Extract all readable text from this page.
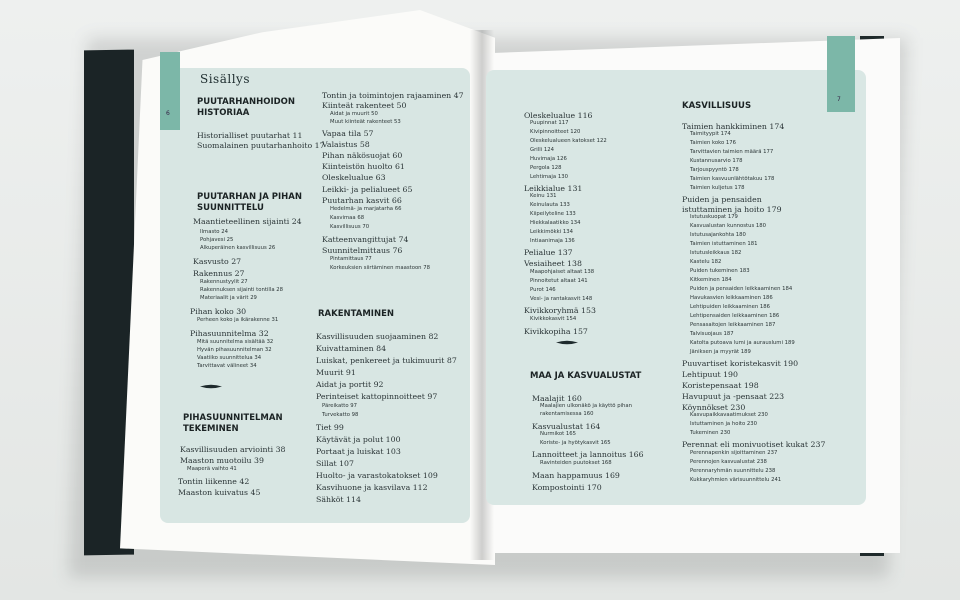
6
7
Sisällys
PUUTARHANHOIDON
HISTORIAA
Historialliset puutarhat 11
Suomalainen puutarhanhoito 17
PUUTARHAN JA PIHAN
SUUNNITTELU
Maantieteellinen sijainti 24
Ilmasto 24
Pohjavesi 25
Alkuperäinen kasvillisuus 26
Kasvusto 27
Rakennus 27
Rakennustyylit 27
Rakennuksen sijainti tontilla 28
Materiaalit ja värit 29
Pihan koko 30
Perheen koko ja ikärakenne 31
Pihasuunnitelma 32
Mitä suunnitelma sisältää 32
Hyvän pihasuunnitelman 32
Vaatiiko suunnittelua 34
Tarvittavat välineet 34
PIHASUUNNITELMAN
TEKEMINEN
Kasvillisuuden arviointi 38
Maaston muotoilu 39
Maaperä vaihto 41
Tontin liikenne 42
Maaston kuivatus 45
Tontin ja toimintojen rajaaminen 47
Kiinteät rakenteet 50
Aidat ja muurit 50
Muut kiinteät rakenteet 53
Vapaa tila 57
Valaistus 58
Pihan näkösuojat 60
Kiinteistön huolto 61
Oleskelualue 63
Leikki- ja pelialueet 65
Puutarhan kasvit 66
Hedelmä- ja marjatarha 66
Kasvimaa 68
Kasvillisuus 70
Katteenvangittujat 74
Suunnitelmittaus 76
Pintamittaus 77
Korkeuksien siirtäminen maastoon 78
RAKENTAMINEN
Kasvillisuuden suojaaminen 82
Kuivattaminen 84
Luiskat, penkereet ja tukimuurit 87
Muurit 91
Aidat ja portit 92
Perinteiset kattopinnoitteet 97
Päreikatto 97
Turvekatto 98
Tiet 99
Käytävät ja polut 100
Portaat ja luiskat 103
Sillat 107
Huolto- ja varastokatokset 109
Kasvihuone ja kasvilava 112
Sähköt 114
Oleskelualue 116
Puupinnat 117
Kivipinnoitteet 120
Oleskelualueen katokset 122
Grilli 124
Huvimaja 126
Pergola 128
Lehtimaja 130
Leikkialue 131
Keinu 131
Keinulauta 133
Kiipeilyteline 133
Hiekkalaatikko 134
Leikkimökki 134
Intiaanimaja 136
Pelialue 137
Vesiaiheet 138
Maapohjaiset altaat 138
Pinnoitetut altaat 141
Purot 146
Vesi- ja rantakasvit 148
Kivikkoryhmä 153
Kivikkokasvit 154
Kivikkopiha 157
MAA JA KASVUALUSTAT
Maalajit 160
Maalajien ulkonäkö ja käyttö pihan
rakentamisessa 160
Kasvualustat 164
Nurmikot 165
Koriste- ja hyötykasvit 165
Lannoitteet ja lannoitus 166
Ravinteiden puutokset 168
Maan happamuus 169
Kompostointi 170
KASVILLISUUS
Taimien hankkiminen 174
Taimityypit 174
Taimien koko 176
Tarvittavien taimien määrä 177
Kustannusarvio 178
Tarjouspyyntö 178
Taimien kasvuunlähtötakuu 178
Taimien kuljetus 178
Puiden ja pensaiden
istuttaminen ja hoito 179
Istutuskuopat 179
Kasvualustan kunnostus 180
Istutusajankohta 180
Taimien istuttaminen 181
Istutusleikkaus 182
Kastelu 182
Puiden tukeminen 183
Kitkeminen 184
Puiden ja pensaiden leikkaaminen 184
Havukasvien leikkaaminen 186
Lehtipuiden leikkaaminen 186
Lehtipensaiden leikkaaminen 186
Pensasaitojen leikkaaminen 187
Talvisuojaus 187
Katolta putoava lumi ja aurauslumi 189
Jäniksen ja myyrät 189
Puuvartiset koristekasvit 190
Lehtipuut 190
Koristepensaat 198
Havupuut ja -pensaat 223
Köynnökset 230
Kasvupaikkavaatimukset 230
Istuttaminen ja hoito 230
Tukeminen 230
Perennat eli monivuotiset kukat 237
Perennapenkin sijoittaminen 237
Perennojen kasvualustat 238
Perennaryhmän suunnittelu 238
Kukkaryhmien värisuunnittelu 241
